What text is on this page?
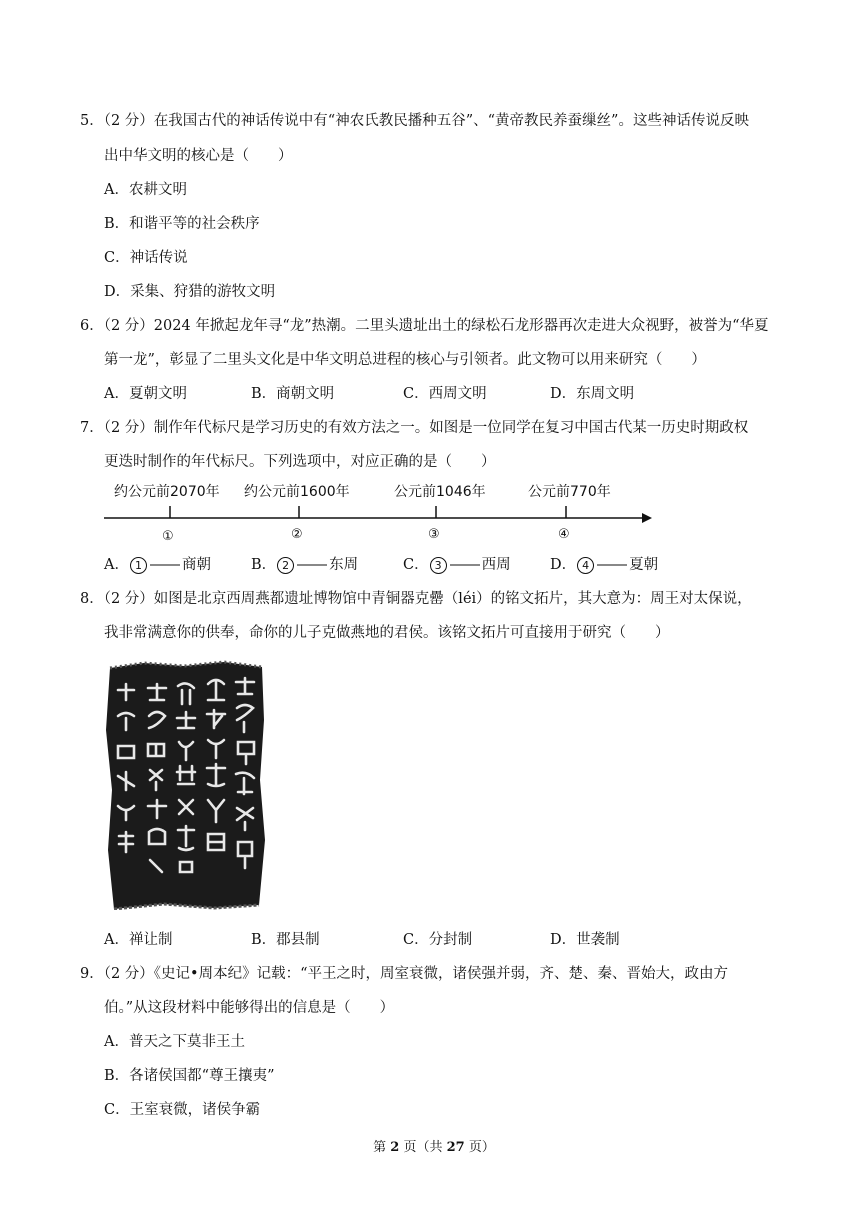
5．（2 分）在我国古代的神话传说中有“神农氏教民播种五谷”、“黄帝教民养蚕缫丝”。这些神话传说反映
出中华文明的核心是（　　）
A．农耕文明
B．和谐平等的社会秩序
C．神话传说
D．采集、狩猎的游牧文明
6．（2 分）2024 年掀起龙年寻“龙”热潮。二里头遗址出土的绿松石龙形器再次走进大众视野，被誉为“华夏
第一龙”，彰显了二里头文化是中华文明总进程的核心与引领者。此文物可以用来研究（　　）
A．夏朝文明	B．商朝文明	C．西周文明	D．东周文明
7．（2 分）制作年代标尺是学习历史的有效方法之一。如图是一位同学在复习中国古代某一历史时期政权
更迭时制作的年代标尺。下列选项中，对应正确的是（　　）
约公元前2070年 约公元前1600年	公元前1046年	公元前770年
①	②	③	④
A． 1	商朝	B． 2	东周	C． 3	西周	D． 4	夏朝
8．（2 分）如图是北京西周燕都遗址博物馆中青铜器克罍（léi）的铭文拓片，其大意为：周王对太保说，
我非常满意你的供奉，命你的儿子克做燕地的君侯。该铭文拓片可直接用于研究（　　）
A．禅让制	B．郡县制	C．分封制	D．世袭制
9．（2 分）《史记•周本纪》记载：“平王之时，周室衰微，诸侯强并弱，齐、楚、秦、晋始大，政由方
伯。”从这段材料中能够得出的信息是（　　）
A．普天之下莫非王土
B．各诸侯国都“尊王攘夷”
C．王室衰微，诸侯争霸
第 2 页（共 27 页）
